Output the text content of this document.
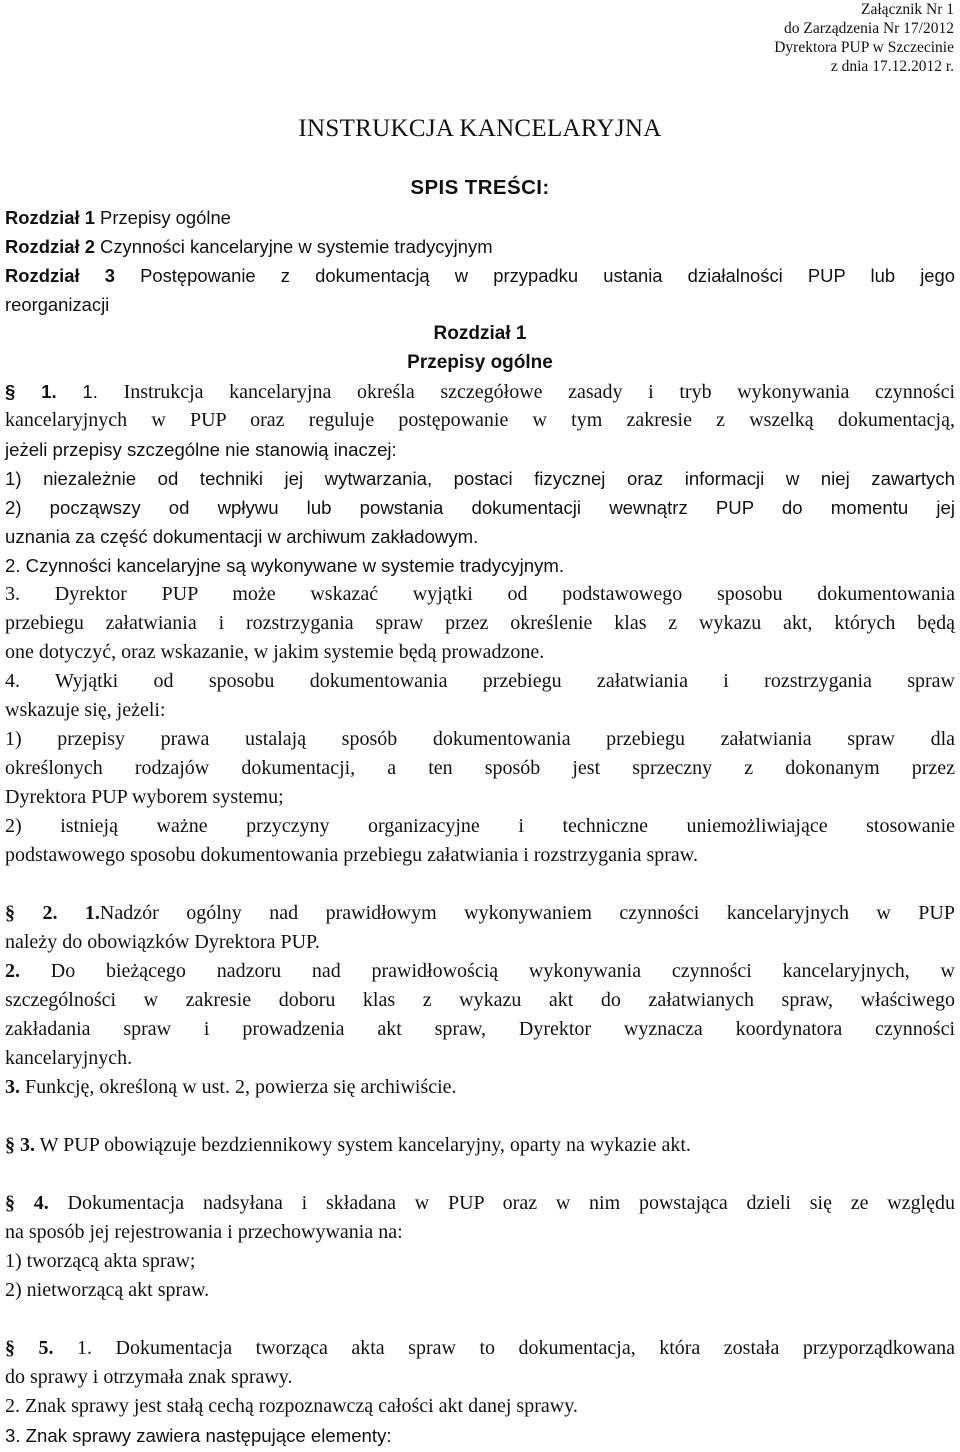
Załącznik Nr 1
do Zarządzenia Nr 17/2012
Dyrektora PUP w Szczecinie
z dnia 17.12.2012 r.
INSTRUKCJA KANCELARYJNA
SPIS TREŚCI:
Rozdział 1 Przepisy ogólne
Rozdział 2 Czynności kancelaryjne w systemie tradycyjnym
Rozdział 3 Postępowanie z dokumentacją w przypadku ustania działalności PUP lub jego
reorganizacji
Rozdział 1
Przepisy ogólne
§ 1. 1. Instrukcja kancelaryjna określa szczegółowe zasady i tryb wykonywania czynności
kancelaryjnych w PUP oraz reguluje postępowanie w tym zakresie z wszelką dokumentacją,
jeżeli przepisy szczególne nie stanowią inaczej:
1) niezależnie od techniki jej wytwarzania, postaci fizycznej oraz informacji w niej zawartych
2) począwszy od wpływu lub powstania dokumentacji wewnątrz PUP do momentu jej
uznania za część dokumentacji w archiwum zakładowym.
2. Czynności kancelaryjne są wykonywane w systemie tradycyjnym.
3. Dyrektor PUP może wskazać wyjątki od podstawowego sposobu dokumentowania
przebiegu załatwiania i rozstrzygania spraw przez określenie klas z wykazu akt, których będą
one dotyczyć, oraz wskazanie, w jakim systemie będą prowadzone.
4. Wyjątki od sposobu dokumentowania przebiegu załatwiania i rozstrzygania spraw
wskazuje się, jeżeli:
1) przepisy prawa ustalają sposób dokumentowania przebiegu załatwiania spraw dla
określonych rodzajów dokumentacji, a ten sposób jest sprzeczny z dokonanym przez
Dyrektora PUP wyborem systemu;
2) istnieją ważne przyczyny organizacyjne i techniczne uniemożliwiające stosowanie
podstawowego sposobu dokumentowania przebiegu załatwiania i rozstrzygania spraw.
§ 2. 1.Nadzór ogólny nad prawidłowym wykonywaniem czynności kancelaryjnych w PUP
należy do obowiązków Dyrektora PUP.
2. Do bieżącego nadzoru nad prawidłowością wykonywania czynności kancelaryjnych, w
szczególności w zakresie doboru klas z wykazu akt do załatwianych spraw, właściwego
zakładania spraw i prowadzenia akt spraw, Dyrektor wyznacza koordynatora czynności
kancelaryjnych.
3. Funkcję, określoną w ust. 2, powierza się archiwiście.
§ 3. W PUP obowiązuje bezdziennikowy system kancelaryjny, oparty na wykazie akt.
§ 4. Dokumentacja nadsyłana i składana w PUP oraz w nim powstająca dzieli się ze względu
na sposób jej rejestrowania i przechowywania na:
1) tworzącą akta spraw;
2) nietworzącą akt spraw.
§ 5. 1. Dokumentacja tworząca akta spraw to dokumentacja, która została przyporządkowana
do sprawy i otrzymała znak sprawy.
2. Znak sprawy jest stałą cechą rozpoznawczą całości akt danej sprawy.
3. Znak sprawy zawiera następujące elementy:
